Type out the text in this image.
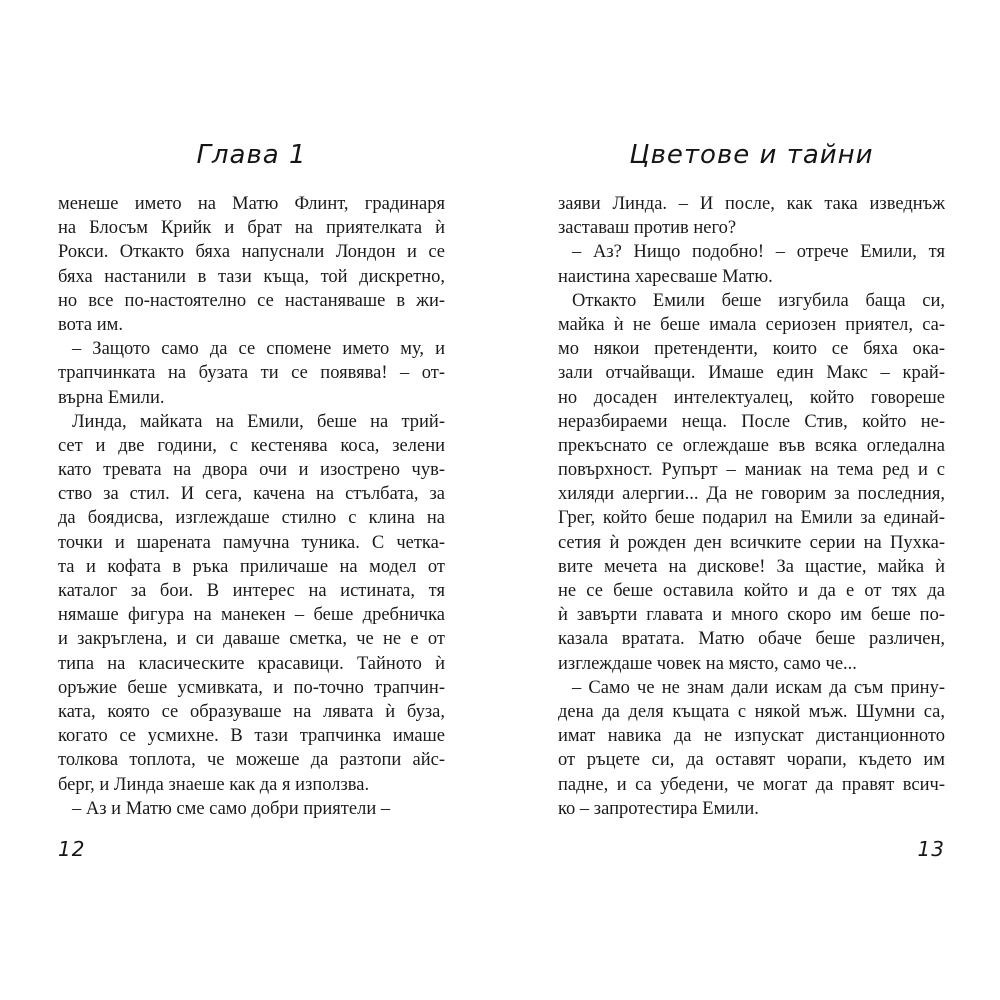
Глава 1
менеше името на Матю Флинт, градинаря
на Блосъм Крийк и брат на приятелката ѝ
Рокси. Откакто бяха напуснали Лондон и се
бяха настанили в тази къща, той дискретно,
но все по-настоятелно се настаняваше в жи-
вота им.
– Защото само да се спомене името му, и
трапчинката на бузата ти се появява! – от-
върна Емили.
Линда, майката на Емили, беше на трий-
сет и две години, с кестенява коса, зелени
като тревата на двора очи и изострено чув-
ство за стил. И сега, качена на стълбата, за
да боядисва, изглеждаше стилно с клина на
точки и шарената памучна туника. С четка-
та и кофата в ръка приличаше на модел от
каталог за бои. В интерес на истината, тя
нямаше фигура на манекен – беше дребничка
и закръглена, и си даваше сметка, че не е от
типа на класическите красавици. Тайното ѝ
оръжие беше усмивката, и по-точно трапчин-
ката, която се образуваше на лявата ѝ буза,
когато се усмихне. В тази трапчинка имаше
толкова топлота, че можеше да разтопи айс-
берг, и Линда знаеше как да я използва.
– Аз и Матю сме само добри приятели –
12
Цветове и тайни
заяви Линда. – И после, как така изведнъж
заставаш против него?
– Аз? Нищо подобно! – отрече Емили, тя
наистина харесваше Матю.
Откакто Емили беше изгубила баща си,
майка ѝ не беше имала сериозен приятел, са-
мо някои претенденти, които се бяха ока-
зали отчайващи. Имаше един Макс – край-
но досаден интелектуалец, който говореше
неразбираеми неща. После Стив, който не-
прекъснато се оглеждаше във всяка огледална
повърхност. Рупърт – маниак на тема ред и с
хиляди алергии... Да не говорим за последния,
Грег, който беше подарил на Емили за единай-
сетия ѝ рожден ден всичките серии на Пухка-
вите мечета на дискове! За щастие, майка ѝ
не се беше оставила който и да е от тях да
ѝ завърти главата и много скоро им беше по-
казала вратата. Матю обаче беше различен,
изглеждаше човек на място, само че...
– Само че не знам дали искам да съм прину-
дена да деля къщата с някой мъж. Шумни са,
имат навика да не изпускат дистанционното
от ръцете си, да оставят чорапи, където им
падне, и са убедени, че могат да правят всич-
ко – запротестира Емили.
13
